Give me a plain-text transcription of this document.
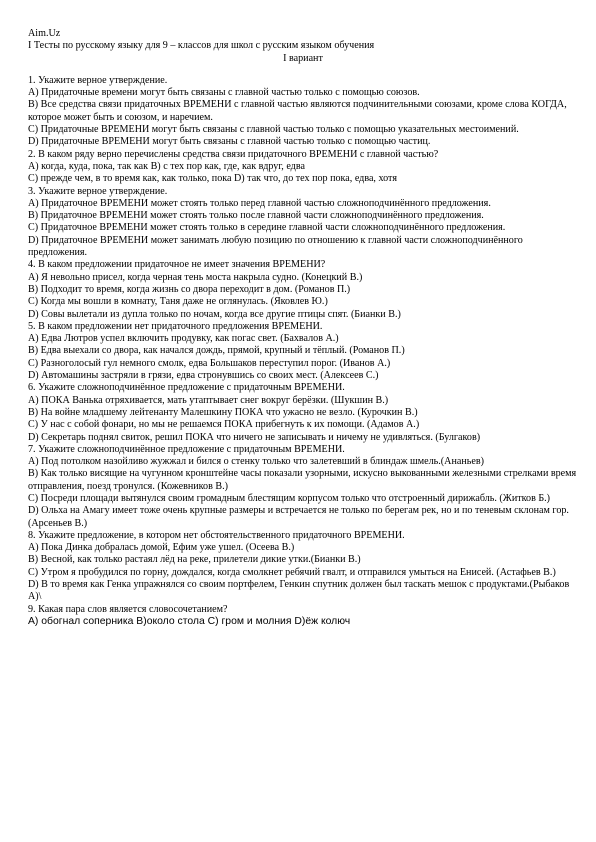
Aim.Uz
I Тесты по русскому языку для 9 – классов для школ с русским языком обучения
I вариант
1. Укажите верное утверждение.
A) Придаточные времени могут быть связаны с главной частью только с помощью союзов.
B) Все средства связи придаточных ВРЕМЕНИ с главной частью являются подчинительными союзами, кроме слова КОГДА, которое может быть и союзом, и наречием.
C) Придаточные ВРЕМЕНИ могут быть связаны с главной частью только с помощью указательных местоимений.
D) Придаточные ВРЕМЕНИ могут быть связаны с главной частью только с помощью частиц.
2. В каком ряду верно перечислены средства связи придаточного ВРЕМЕНИ с главной частью?
A) когда, куда, пока, так как B) с тех пор как, где, как вдруг, едва
C) прежде чем, в то время как, как только, пока D) так что, до тех пор пока, едва, хотя
3. Укажите верное утверждение.
A) Придаточное ВРЕМЕНИ может стоять только перед главной частью сложноподчинённого предложения.
B) Придаточное ВРЕМЕНИ может стоять только после главной части сложноподчинённого предложения.
C) Придаточное ВРЕМЕНИ может стоять только в середине главной части сложноподчинённого предложения.
D) Придаточное ВРЕМЕНИ может занимать любую позицию по отношению к главной части сложноподчинённого предложения.
4. В каком предложении придаточное не имеет значения ВРЕМЕНИ?
A) Я невольно присел, когда черная тень моста накрыла судно. (Конецкий В.)
B) Подходит то время, когда жизнь со двора переходит в дом. (Романов П.)
C) Когда мы вошли в комнату, Таня даже не оглянулась. (Яковлев Ю.)
D) Совы вылетали из дупла только по ночам, когда все другие птицы спят. (Бианки В.)
5. В каком предложении нет придаточного предложения ВРЕМЕНИ.
A) Едва Лютров успел включить продувку, как погас свет. (Бахвалов А.)
B) Едва выехали со двора, как начался дождь, прямой, крупный и тёплый. (Романов П.)
C) Разноголосый гул немного смолк, едва Большаков переступил порог. (Иванов А.)
D) Автомашины застряли в грязи, едва стронувшись со своих мест. (Алексеев С.)
6. Укажите сложноподчинённое предложение с придаточным ВРЕМЕНИ.
A) ПОКА Ванька отряхивается, мать утаптывает снег вокруг берёзки. (Шукшин В.)
B) На войне младшему лейтенанту Малешкину ПОКА что ужасно не везло. (Курочкин В.)
C) У нас с собой фонари, но мы не решаемся ПОКА прибегнуть к их помощи. (Адамов А.)
D) Секретарь поднял свиток, решил ПОКА что ничего не записывать и ничему не удивляться. (Булгаков)
7. Укажите сложноподчинённое предложение с придаточным ВРЕМЕНИ.
A) Под потолком назойливо жужжал и бился о стенку только что залетевший в блиндаж шмель.(Ананьев)
B) Как только висящие на чугунном кронштейне часы показали узорными, искусно выкованными железными стрелками время отправления, поезд тронулся. (Кожевников В.)
C) Посреди площади вытянулся своим громадным блестящим корпусом только что отстроенный дирижабль. (Житков Б.)
D) Ольха на Амагу имеет тоже очень крупные размеры и встречается не только по берегам рек, но и по теневым склонам гор.(Арсеньев В.)
8. Укажите предложение, в котором нет обстоятельственного придаточного ВРЕМЕНИ.
A) Пока Динка добралась домой, Ефим уже ушел. (Осеева В.)
B) Весной, как только растаял лёд на реке, прилетели дикие утки.(Бианки В.)
C) Утром я пробудился по горну, дождался, когда смолкнет ребячий гвалт, и отправился умыться на Енисей. (Астафьев В.)
D) В то время как Генка упражнялся со своим портфелем, Генкин спутник должен был таскать мешок с продуктами.(Рыбаков А)\
9. Какая пара слов является словосочетанием?
A) обогнал соперника B)около стола C) гром и молния D)ёж колюч
